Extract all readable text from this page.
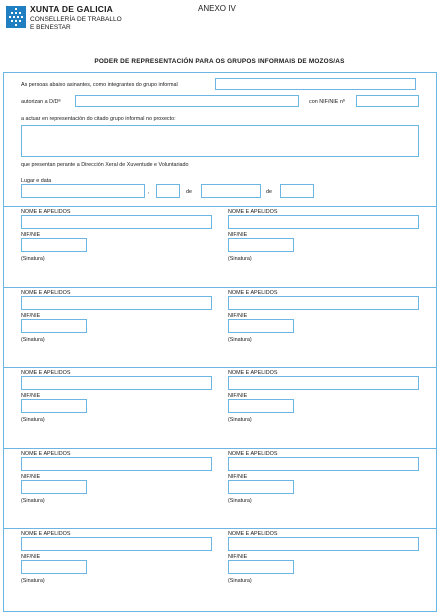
XUNTA DE GALICIA
CONSELLERÍA DE TRABALLO
E BENESTAR
ANEXO IV
PODER DE REPRESENTACIÓN PARA OS GRUPOS INFORMAIS DE MOZOS/AS
As persoas abaixo asinantes, como integrantes do grupo informal
autorizan a D/Dª	con NIF/NIE nº
a actuar en representación do citado grupo informal no proxecto:
que presentan perante a Dirección Xeral de Xuventude e Voluntariado
Lugar e data
,	de	de
NOME E APELIDOS
NIF/NIE
(Sinatura)
NOME E APELIDOS
NIF/NIE
(Sinatura)
NOME E APELIDOS
NIF/NIE
(Sinatura)
NOME E APELIDOS
NIF/NIE
(Sinatura)
NOME E APELIDOS
NIF/NIE
(Sinatura)
NOME E APELIDOS
NIF/NIE
(Sinatura)
NOME E APELIDOS
NIF/NIE
(Sinatura)
NOME E APELIDOS
NIF/NIE
(Sinatura)
NOME E APELIDOS
NIF/NIE
(Sinatura)
NOME E APELIDOS
NIF/NIE
(Sinatura)
